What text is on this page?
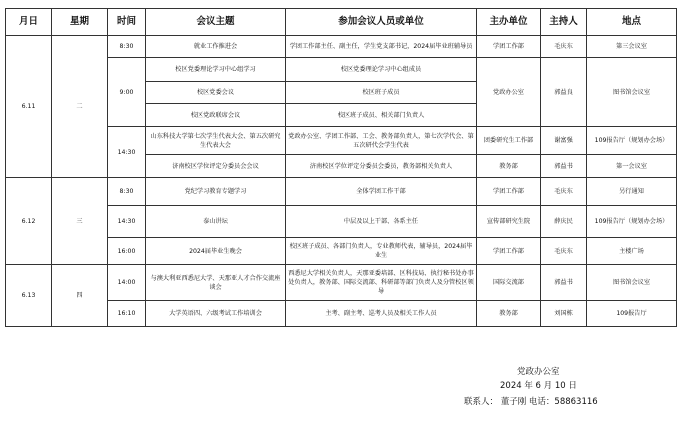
月日	星期	时间	会议主题	参加会议人员或单位	主办单位	主持人	地点
6.11	二	8:30	就业工作推进会	学团工作部主任、副主任，学生党支部书记，2024届毕业班辅导员	学团工作部	毛庆东	第三会议室
		9:00	校区党委理论学习中心组学习	校区党委理论学习中心组成员	党政办公室	郭益良	图书馆会议室
			校区党委会议	校区班子成员			
			校区党政联席会议	校区班子成员、相关部门负责人			
		14:30	山东科技大学第七次学生代表大会、第五次研究生代表大会	党政办公室、学团工作部、工会、教务部负责人，第七次学代会、第五次研代会学生代表	团委研究生工作部	谢富强	109报告厅（规划办会场）
			济南校区学位评定分委员会会议	济南校区学位评定分委员会委员，教务部相关负责人	教务部	郭益书	第一会议室
6.12	三	8:30	党纪学习教育专题学习	全体学团工作干部	学团工作部	毛庆东	另行通知
		14:30	泰山讲坛	中层及以上干部、各系主任	宣传部研究生院	薛庆民	109报告厅（规划办会场）
		16:00	2024届毕业生晚会	校区班子成员、各部门负责人，专业教师代表，辅导员，2024届毕业生	学团工作部	毛庆东	主楼广场
6.13	四	14:00	与澳大利亚西悉尼大学、天那亚人才合作交流座谈会	西悉尼大学相关负责人，天那亚委培部、区科技局、执行秘书处办事处负责人，教务部、国际交流部、科研部等部门负责人及分管校区领导	国际交流部	郭益书	图书馆会议室
		16:10	大学英语四、六级考试工作培训会	主考、副主考、巡考人员及相关工作人员	教务部	刘国栋	109报告厅
党政办公室
2024 年 6 月 10 日
联系人： 董子刚 电话：58863116
